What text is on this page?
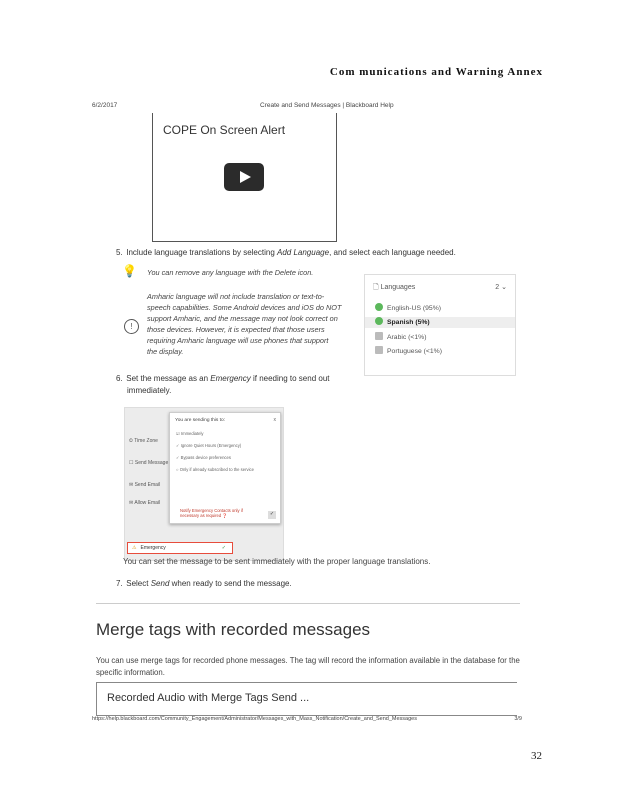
Com munications and Warning Annex
6/2/2017	Create and Send Messages | Blackboard Help
COPE On Screen Alert
5. Include language translations by selecting Add Language, and select each language needed.
💡 You can remove any language with the Delete icon.
!
Amharic language will not include translation or text-to-
speech capabilities. Some Android devices and iOS do NOT
support Amharic, and the message may not look correct on
those devices. However, it is expected that those users
requiring Amharic language will use phones that support
the display.
🗋 Languages	2 ⌄
English-US (95%)
Spanish (5%)
Arabic (<1%)
Portuguese (<1%)
6. Set the message as an Emergency if needing to send out
immediately.
⏲ Time Zone
☐ Send Message
✉ Send Email
✉ Allow Email
You are sending this to:	x
☑ Immediately
✓ Ignore Quiet Hours (Emergency)
✓ Bypass device preferences
○ Only if already subscribed to the service
Notify Emergency Contacts only if
necessary as required ❓	✓
⚠ Emergency	✓
You can set the message to be sent immediately with the proper language translations.
7. Select Send when ready to send the message.
Merge tags with recorded messages
You can use merge tags for recorded phone messages. The tag will record the information available in the database for the specific information.
Recorded Audio with Merge Tags Send ...
https://help.blackboard.com/Community_Engagement/Administrator/Messages_with_Mass_Notification/Create_and_Send_Messages	3/9
32
